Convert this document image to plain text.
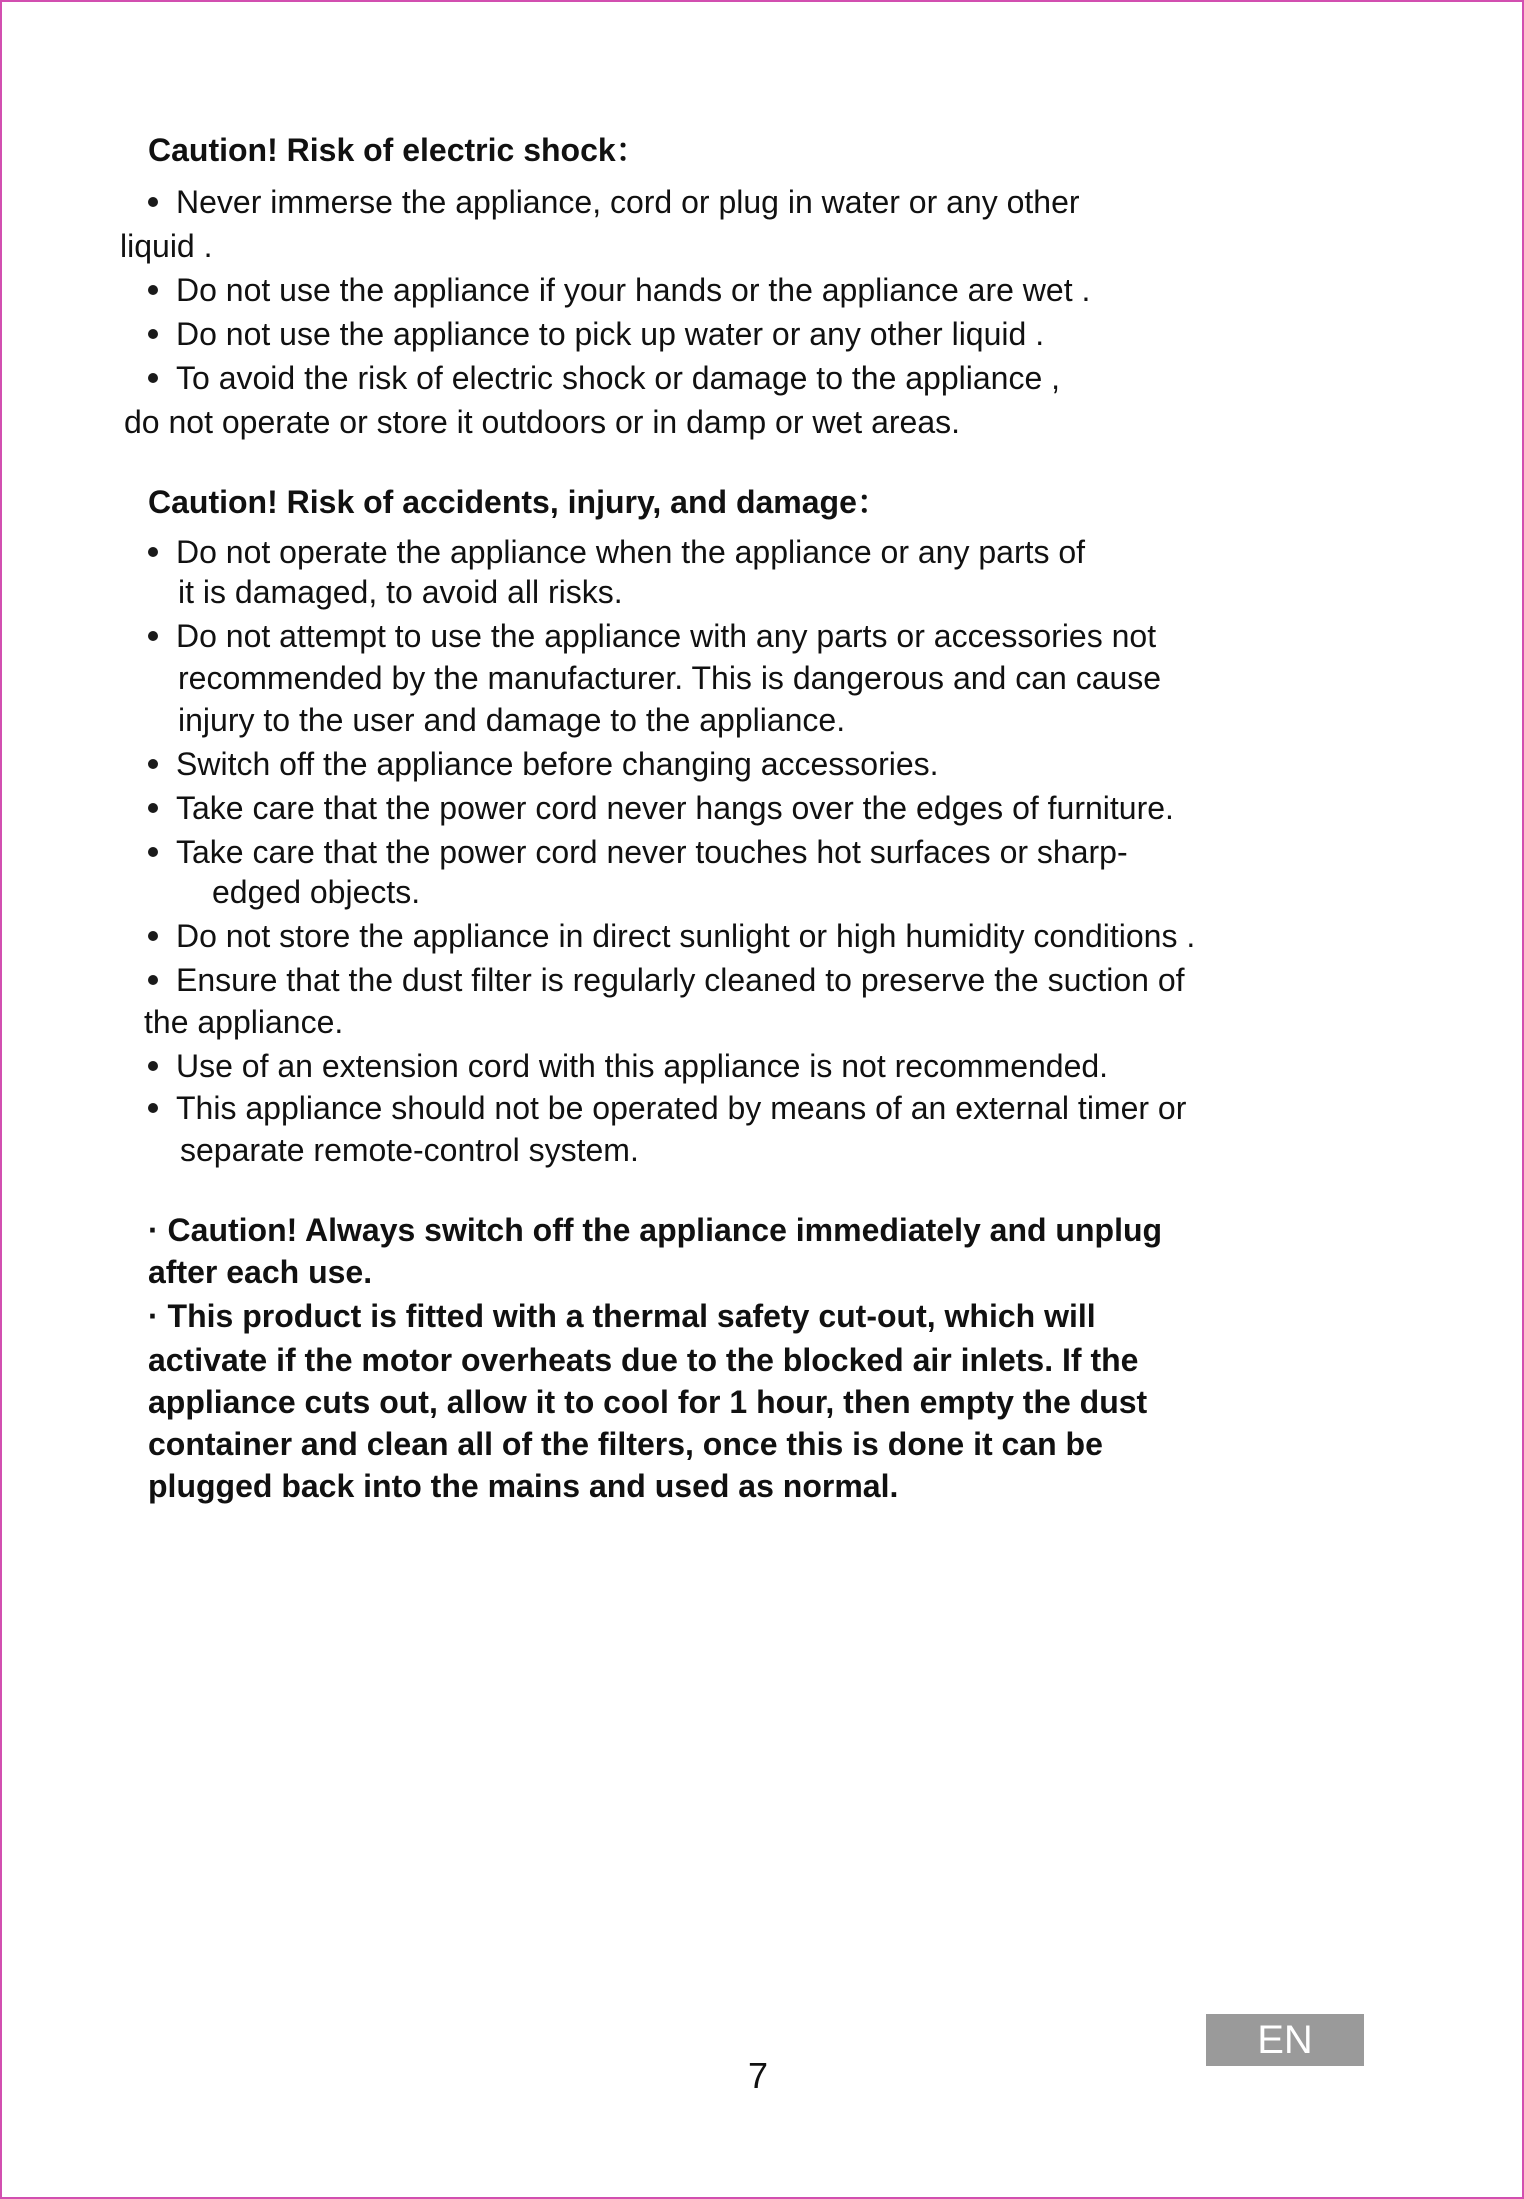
Caution! Risk of electric shock：
Never immerse the appliance, cord or plug in water or any other
liquid .
Do not use the appliance if your hands or the appliance are wet .
Do not use the appliance to pick up water or any other liquid .
To avoid the risk of electric shock or damage to the appliance ,
do not operate or store it outdoors or in damp or wet areas.
Caution! Risk of accidents, injury, and damage：
Do not operate the appliance when the appliance or any parts of
it is damaged, to avoid all risks.
Do not attempt to use the appliance with any parts or accessories not
recommended by the manufacturer. This is dangerous and can cause
injury to the user and damage to the appliance.
Switch off the appliance before changing accessories.
Take care that the power cord never hangs over the edges of furniture.
Take care that the power cord never touches hot surfaces or sharp-
edged objects.
Do not store the appliance in direct sunlight or high humidity conditions .
Ensure that the dust filter is regularly cleaned to preserve the suction of
the appliance.
Use of an extension cord with this appliance is not recommended.
This appliance should not be operated by means of an external timer or
separate remote-control system.
· Caution! Always switch off the appliance immediately and unplug
after each use.
· This product is fitted with a thermal safety cut-out, which will
activate if the motor overheats due to the blocked air inlets. If the
appliance cuts out, allow it to cool for 1 hour, then empty the dust
container and clean all of the filters, once this is done it can be
plugged back into the mains and used as normal.
7
EN
